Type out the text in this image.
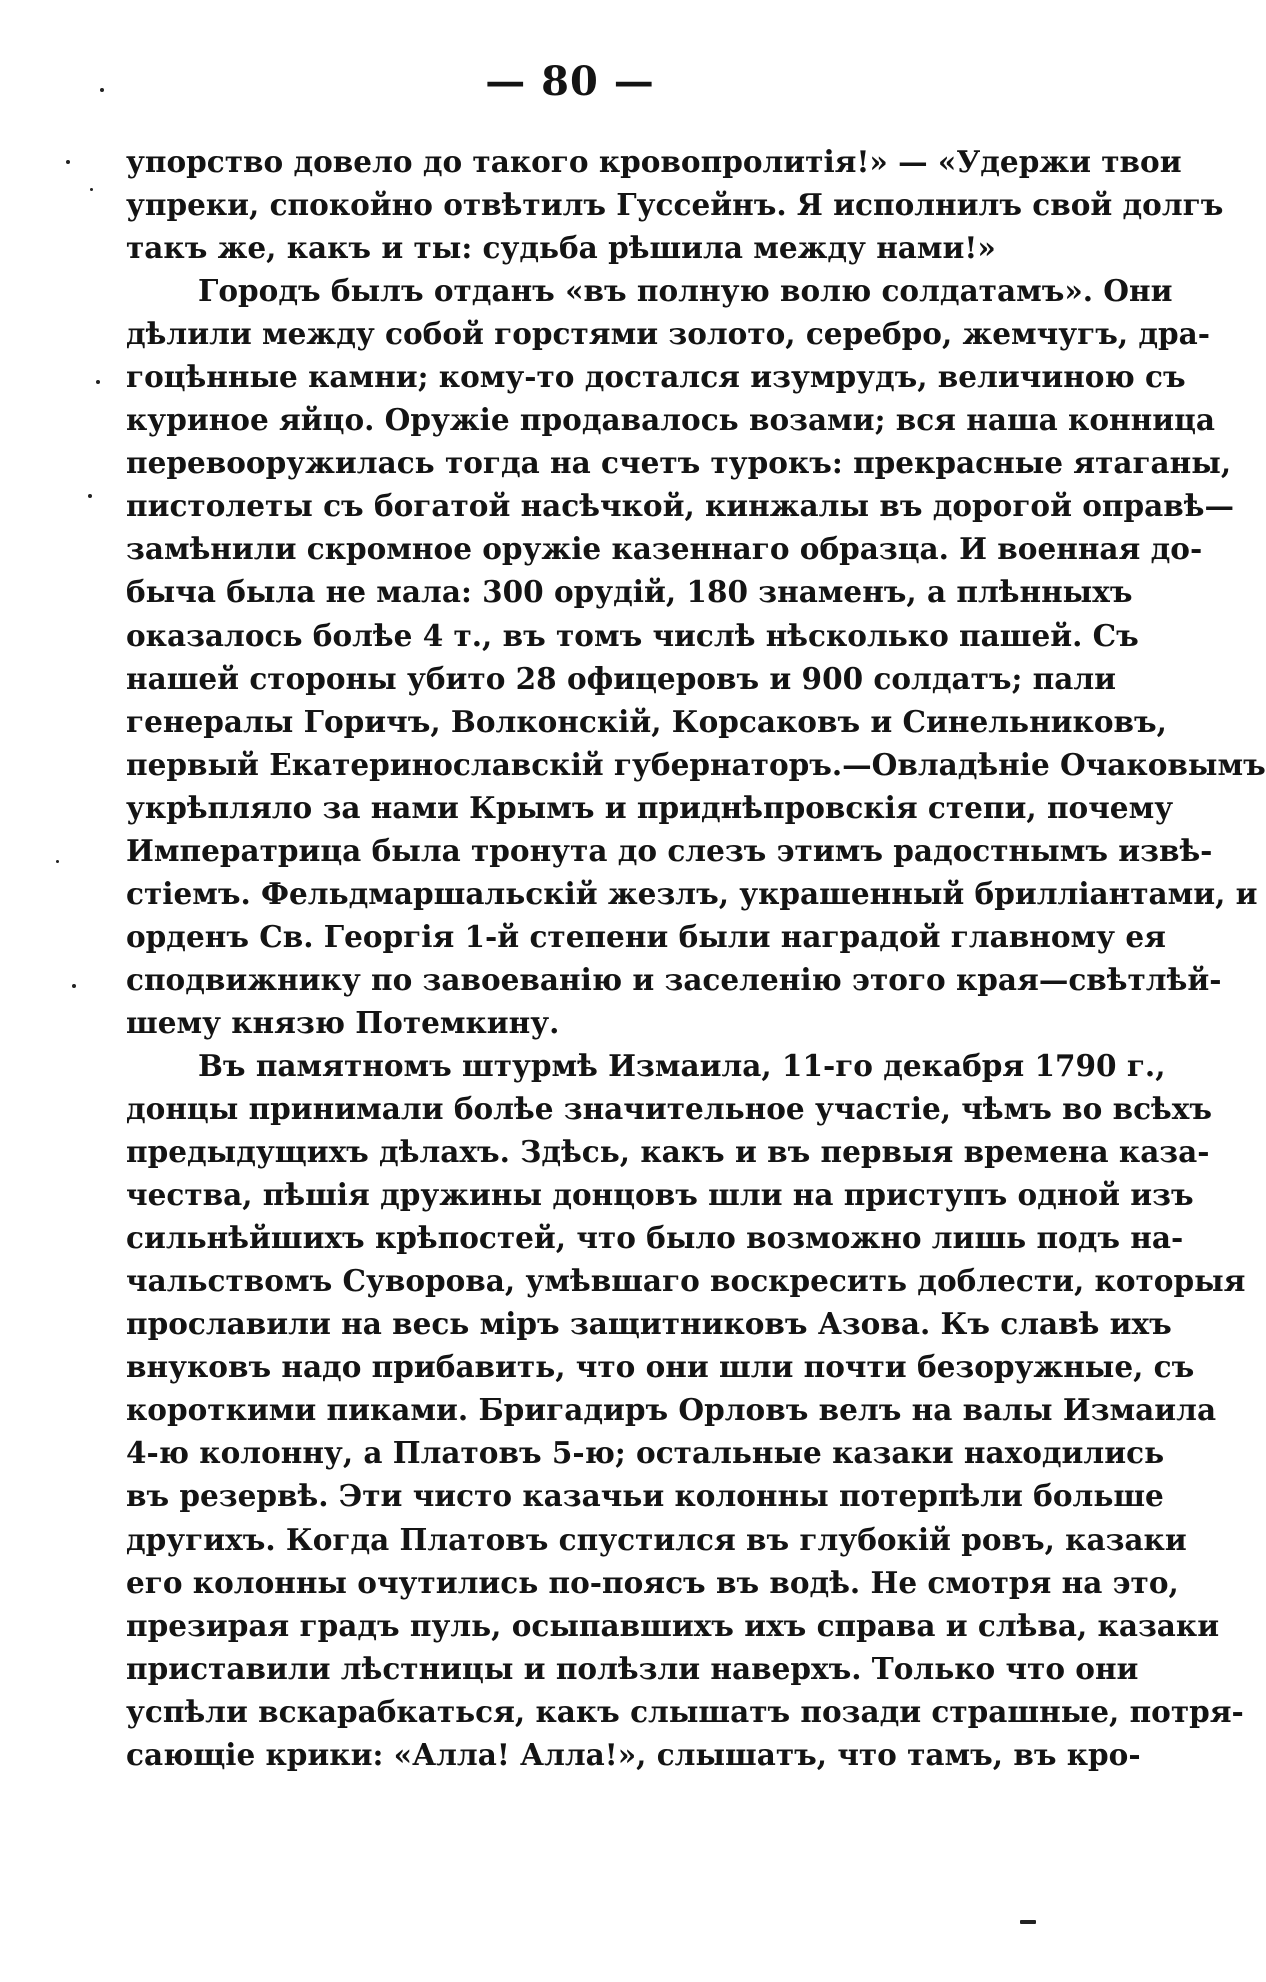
— 80 —
упорство довело до такого кровопролитія!» — «Удержи твои
упреки, спокойно отвѣтилъ Гуссейнъ. Я исполнилъ свой долгъ
такъ же, какъ и ты: судьба рѣшила между нами!»
Городъ былъ отданъ «въ полную волю солдатамъ». Они
дѣлили между собой горстями золото, серебро, жемчугъ, дра-
гоцѣнные камни; кому-то достался изумрудъ, величиною съ
куриное яйцо. Оружіе продавалось возами; вся наша конница
перевооружилась тогда на счетъ турокъ: прекрасные ятаганы,
пистолеты съ богатой насѣчкой, кинжалы въ дорогой оправѣ—
замѣнили скромное оружіе казеннаго образца. И военная до-
быча была не мала: 300 орудій, 180 знаменъ, а плѣнныхъ
оказалось болѣе 4 т., въ томъ числѣ нѣсколько пашей. Съ
нашей стороны убито 28 офицеровъ и 900 солдатъ; пали
генералы Горичъ, Волконскій, Корсаковъ и Синельниковъ,
первый Екатеринославскій губернаторъ.—Овладѣніе Очаковымъ
укрѣпляло за нами Крымъ и приднѣпровскія степи, почему
Императрица была тронута до слезъ этимъ радостнымъ извѣ-
стіемъ. Фельдмаршальскій жезлъ, украшенный брилліантами, и
орденъ Св. Георгія 1-й степени были наградой главному ея
сподвижнику по завоеванію и заселенію этого края—свѣтлѣй-
шему князю Потемкину.
Въ памятномъ штурмѣ Измаила, 11-го декабря 1790 г.,
донцы принимали болѣе значительное участіе, чѣмъ во всѣхъ
предыдущихъ дѣлахъ. Здѣсь, какъ и въ первыя времена каза-
чества, пѣшія дружины донцовъ шли на приступъ одной изъ
сильнѣйшихъ крѣпостей, что было возможно лишь подъ на-
чальствомъ Суворова, умѣвшаго воскресить доблести, которыя
прославили на весь міръ защитниковъ Азова. Къ славѣ ихъ
внуковъ надо прибавить, что они шли почти безоружные, съ
короткими пиками. Бригадиръ Орловъ велъ на валы Измаила
4-ю колонну, а Платовъ 5-ю; остальные казаки находились
въ резервѣ. Эти чисто казачьи колонны потерпѣли больше
другихъ. Когда Платовъ спустился въ глубокій ровъ, казаки
его колонны очутились по-поясъ въ водѣ. Не смотря на это,
презирая градъ пуль, осыпавшихъ ихъ справа и слѣва, казаки
приставили лѣстницы и полѣзли наверхъ. Только что они
успѣли вскарабкаться, какъ слышатъ позади страшные, потря-
сающіе крики: «Алла! Алла!», слышатъ, что тамъ, въ кро-
